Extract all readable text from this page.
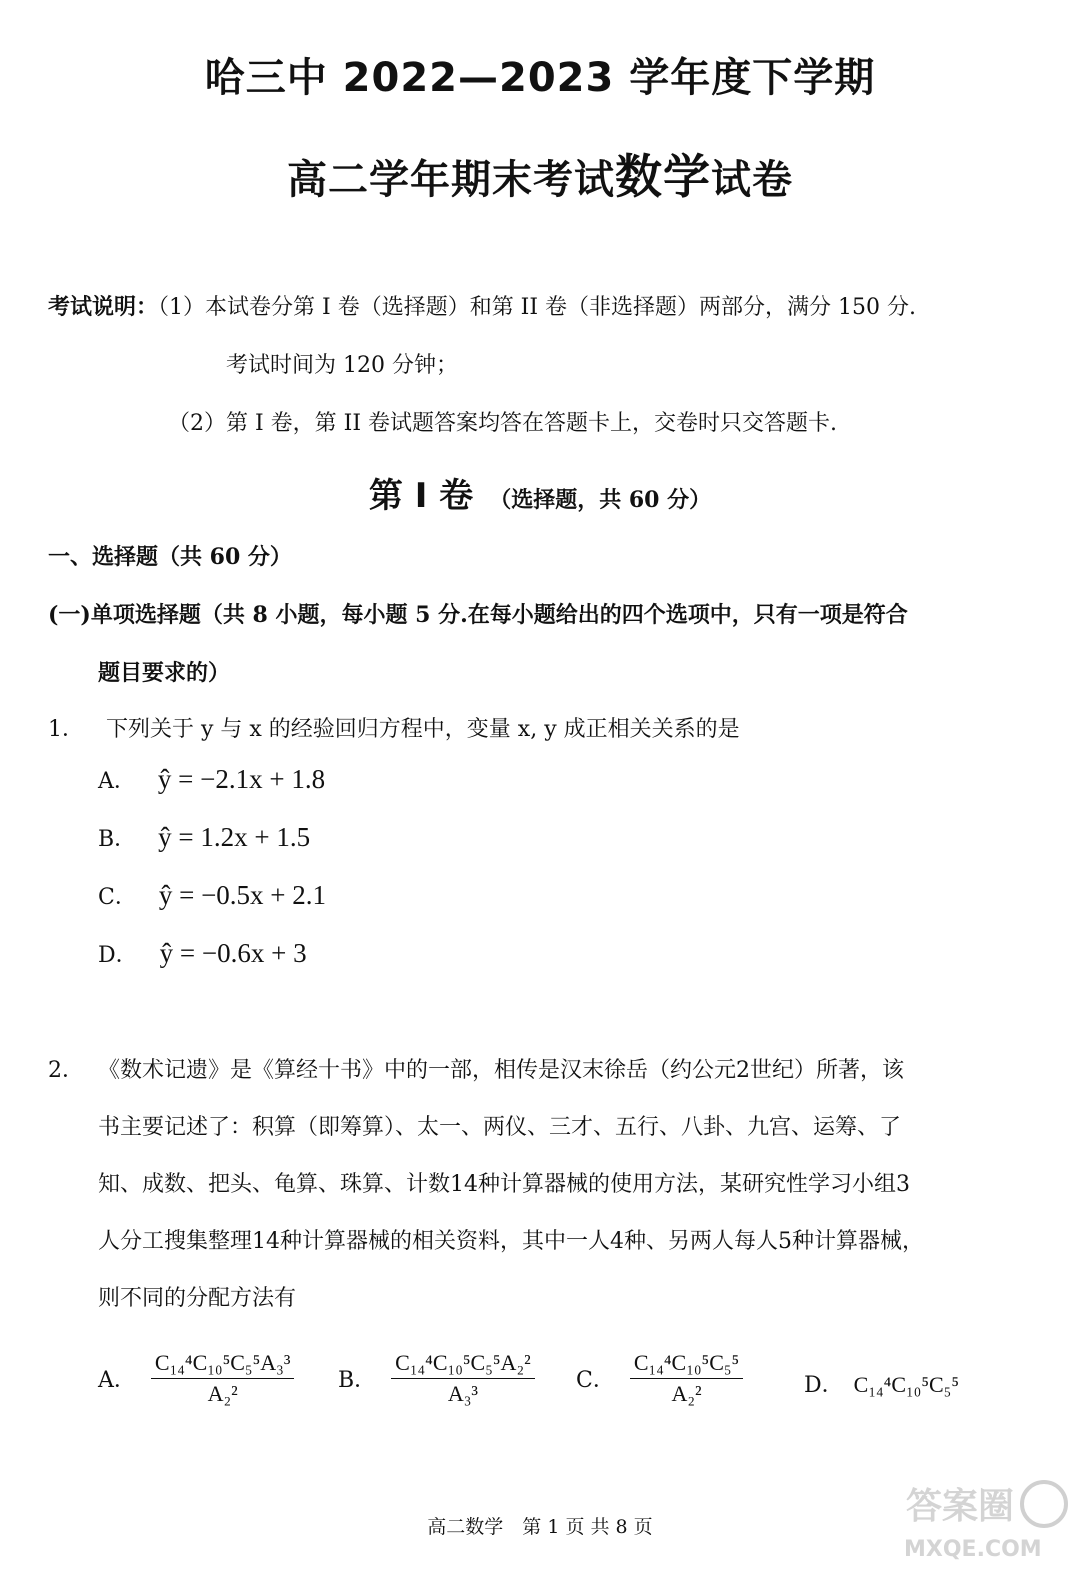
哈三中 2022—2023 学年度下学期
高二学年期末考试数学试卷
考试说明：（1）本试卷分第 I 卷（选择题）和第 II 卷（非选择题）两部分，满分 150 分.
考试时间为 120 分钟；
（2）第 I 卷，第 II 卷试题答案均答在答题卡上，交卷时只交答题卡.
第 I 卷 （选择题，共 60 分）
一、选择题（共 60 分）
(一)单项选择题（共 8 小题，每小题 5 分.在每小题给出的四个选项中，只有一项是符合
题目要求的）
1． 下列关于 y 与 x 的经验回归方程中，变量 x, y 成正相关关系的是
A． ŷ = −2.1x + 1.8
B． ŷ = 1.2x + 1.5
C． ŷ = −0.5x + 2.1
D． ŷ = −0.6x + 3
2． 《数术记遗》是《算经十书》中的一部，相传是汉末徐岳（约公元2世纪）所著，该
书主要记述了：积算（即筹算）、太一、两仪、三才、五行、八卦、九宫、运筹、了
知、成数、把头、龟算、珠算、计数14种计算器械的使用方法，某研究性学习小组3
人分工搜集整理14种计算器械的相关资料，其中一人4种、另两人每人5种计算器械，
则不同的分配方法有
A． $\frac{\text{C₁₄⁴C₁₀⁵C₅⁵A₃³}}{\text{A₂²}}$ B． $\frac{\text{C₁₄⁴C₁₀⁵C₅⁵A₂²}}{\text{A₃³}}$ C． $\frac{\text{C₁₄⁴C₁₀⁵C₅⁵}}{\text{A₂²}}$	D． C₁₄⁴C₁₀⁵C₅⁵
高二数学　第 1 页 共 8 页	答案圈
MXQE.COM
